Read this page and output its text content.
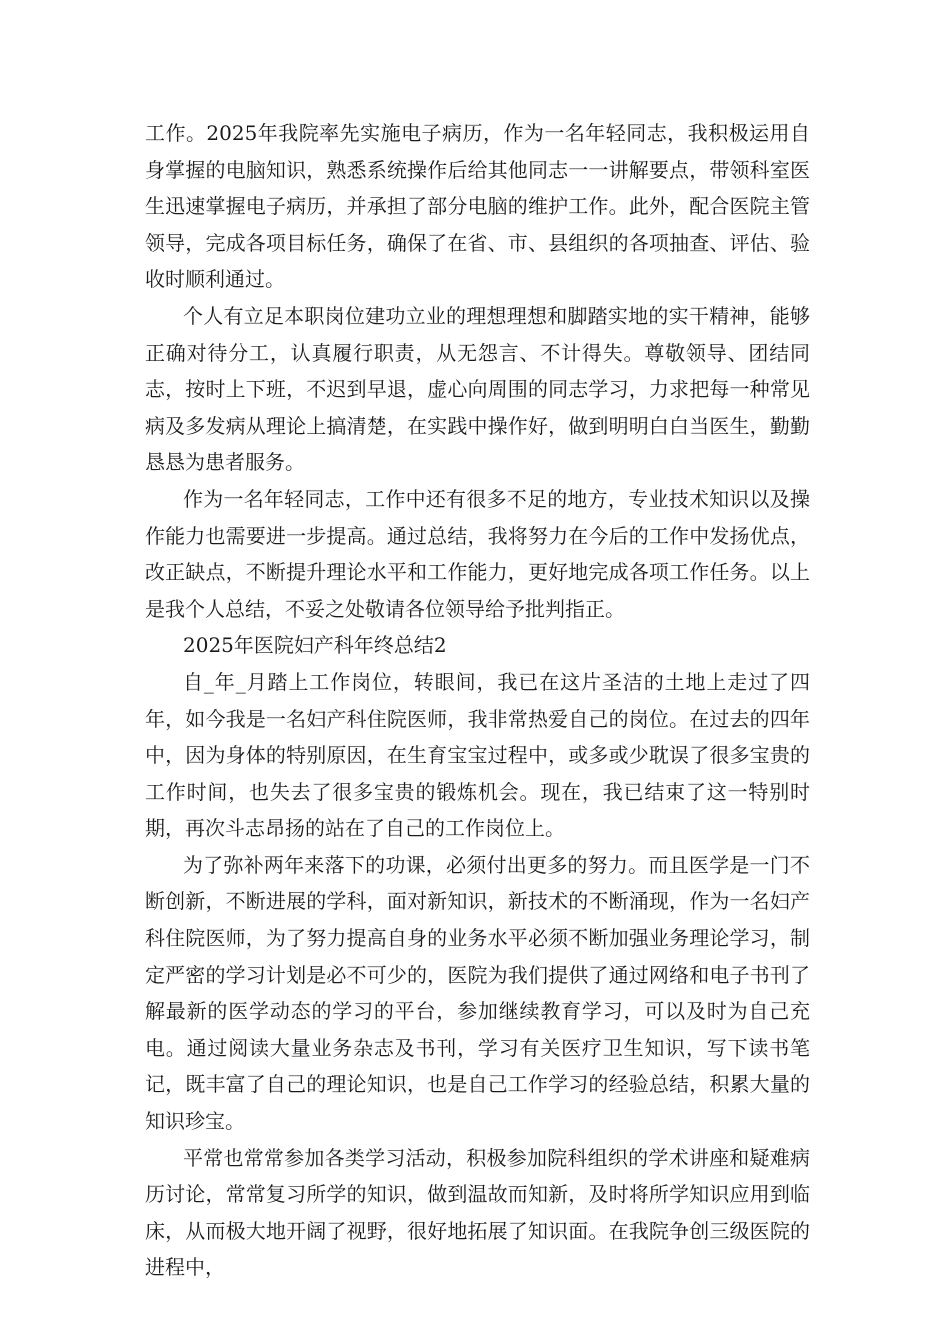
工作。2025年我院率先实施电子病历，作为一名年轻同志，我积极运用自身掌握的电脑知识，熟悉系统操作后给其他同志一一讲解要点，带领科室医生迅速掌握电子病历，并承担了部分电脑的维护工作。此外，配合医院主管领导，完成各项目标任务，确保了在省、市、县组织的各项抽查、评估、验收时顺利通过。

个人有立足本职岗位建功立业的理想理想和脚踏实地的实干精神，能够正确对待分工，认真履行职责，从无怨言、不计得失。尊敬领导、团结同志，按时上下班，不迟到早退，虚心向周围的同志学习，力求把每一种常见病及多发病从理论上搞清楚，在实践中操作好，做到明明白白当医生，勤勤恳恳为患者服务。

作为一名年轻同志，工作中还有很多不足的地方，专业技术知识以及操作能力也需要进一步提高。通过总结，我将努力在今后的工作中发扬优点，改正缺点，不断提升理论水平和工作能力，更好地完成各项工作任务。以上是我个人总结，不妥之处敬请各位领导给予批判指正。

2025年医院妇产科年终总结2

自_年_月踏上工作岗位，转眼间，我已在这片圣洁的土地上走过了四年，如今我是一名妇产科住院医师，我非常热爱自己的岗位。在过去的四年中，因为身体的特别原因，在生育宝宝过程中，或多或少耽误了很多宝贵的工作时间，也失去了很多宝贵的锻炼机会。现在，我已结束了这一特别时期，再次斗志昂扬的站在了自己的工作岗位上。

为了弥补两年来落下的功课，必须付出更多的努力。而且医学是一门不断创新，不断进展的学科，面对新知识，新技术的不断涌现，作为一名妇产科住院医师，为了努力提高自身的业务水平必须不断加强业务理论学习，制定严密的学习计划是必不可少的，医院为我们提供了通过网络和电子书刊了解最新的医学动态的学习的平台，参加继续教育学习，可以及时为自己充电。通过阅读大量业务杂志及书刊，学习有关医疗卫生知识，写下读书笔记，既丰富了自己的理论知识，也是自己工作学习的经验总结，积累大量的知识珍宝。

平常也常常参加各类学习活动，积极参加院科组织的学术讲座和疑难病历讨论，常常复习所学的知识，做到温故而知新，及时将所学知识应用到临床，从而极大地开阔了视野，很好地拓展了知识面。在我院争创三级医院的进程中，
